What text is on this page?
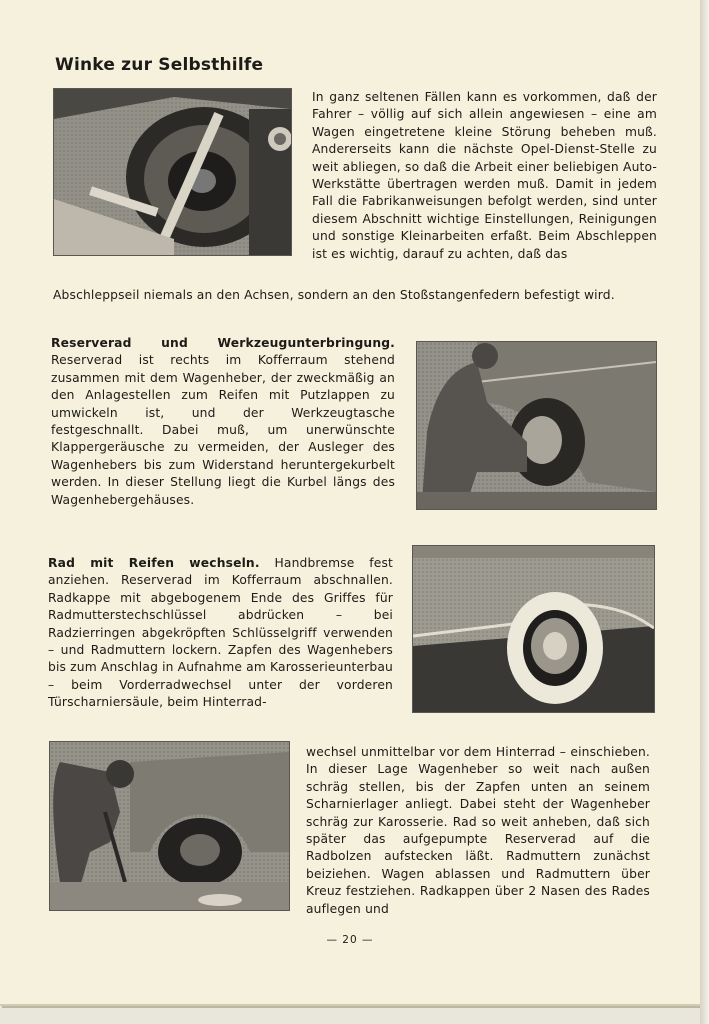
Winke zur Selbsthilfe
In ganz seltenen Fällen kann es vorkommen, daß der Fahrer – völlig auf sich allein angewiesen – eine am Wagen eingetretene kleine Störung beheben muß. Andererseits kann die nächste Opel-Dienst-Stelle zu weit abliegen, so daß die Arbeit einer beliebigen Auto-Werkstätte übertragen werden muß. Damit in jedem Fall die Fabrikanweisungen befolgt werden, sind unter diesem Abschnitt wichtige Einstellungen, Reinigungen und sonstige Kleinarbeiten erfaßt. Beim Abschleppen ist es wichtig, darauf zu achten, daß das
Abschleppseil niemals an den Achsen, sondern an den Stoßstangenfedern befestigt wird.
Reserverad und Werkzeugunterbringung. Reserverad ist rechts im Kofferraum stehend zusammen mit dem Wagenheber, der zweckmäßig an den Anlagestellen zum Reifen mit Putzlappen zu umwickeln ist, und der Werkzeugtasche festgeschnallt. Dabei muß, um unerwünschte Klappergeräusche zu vermeiden, der Ausleger des Wagenhebers bis zum Widerstand heruntergekurbelt werden. In dieser Stellung liegt die Kurbel längs des Wagenhebergehäuses.
Rad mit Reifen wechseln. Handbremse fest anziehen. Reserverad im Kofferraum abschnallen. Radkappe mit abgebogenem Ende des Griffes für Radmutterstechschlüssel abdrücken – bei Radzierringen abgekröpften Schlüsselgriff verwenden – und Radmuttern lockern. Zapfen des Wagenhebers bis zum Anschlag in Aufnahme am Karosserieunterbau – beim Vorderradwechsel unter der vorderen Türscharniersäule, beim Hinterrad-
wechsel unmittelbar vor dem Hinterrad – einschieben. In dieser Lage Wagenheber so weit nach außen schräg stellen, bis der Zapfen unten an seinem Scharnierlager anliegt. Dabei steht der Wagenheber schräg zur Karosserie. Rad so weit anheben, daß sich später das aufgepumpte Reserverad auf die Radbolzen aufstecken läßt. Radmuttern zunächst beiziehen. Wagen ablassen und Radmuttern über Kreuz festziehen. Radkappen über 2 Nasen des Rades auflegen und
— 20 —
